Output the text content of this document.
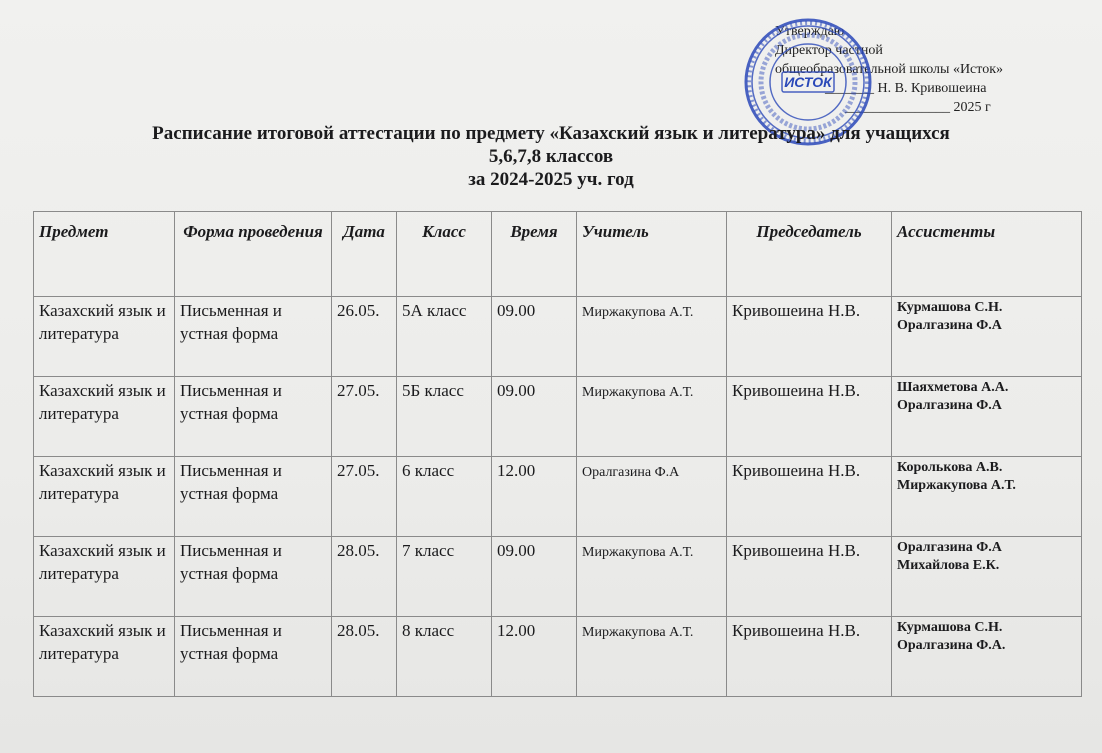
Утверждаю
Директор частной
общеобразовательной школы «Исток»
_______ Н. В. Кривошеина
_______________ 2025 г
ИСТОК
Расписание итоговой аттестации по предмету «Казахский язык и литература» для учащихся
5,6,7,8 классов
за 2024-2025 уч. год
Предмет	Форма проведения	Дата	Класс	Время	Учитель	Председатель	Ассистенты
Казахский язык и литература	Письменная и устная форма	26.05.	5А класс	09.00	Миржакупова А.Т.	Кривошеина Н.В.	Курмашова С.Н.
Оралгазина Ф.А

Казахский язык и литература	Письменная и устная форма	27.05.	5Б класс	09.00	Миржакупова А.Т.	Кривошеина Н.В.	Шаяхметова А.А.
Оралгазина Ф.А

Казахский язык и литература	Письменная и устная форма	27.05.	6 класс	12.00	Оралгазина Ф.А	Кривошеина Н.В.	Королькова А.В.
Миржакупова А.Т.

Казахский язык и литература	Письменная и устная форма	28.05.	7 класс	09.00	Миржакупова А.Т.	Кривошеина Н.В.	Оралгазина Ф.А
Михайлова Е.К.

Казахский язык и литература	Письменная и устная форма	28.05.	8 класс	12.00	Миржакупова А.Т.	Кривошеина Н.В.	Курмашова С.Н.
Оралгазина Ф.А.
